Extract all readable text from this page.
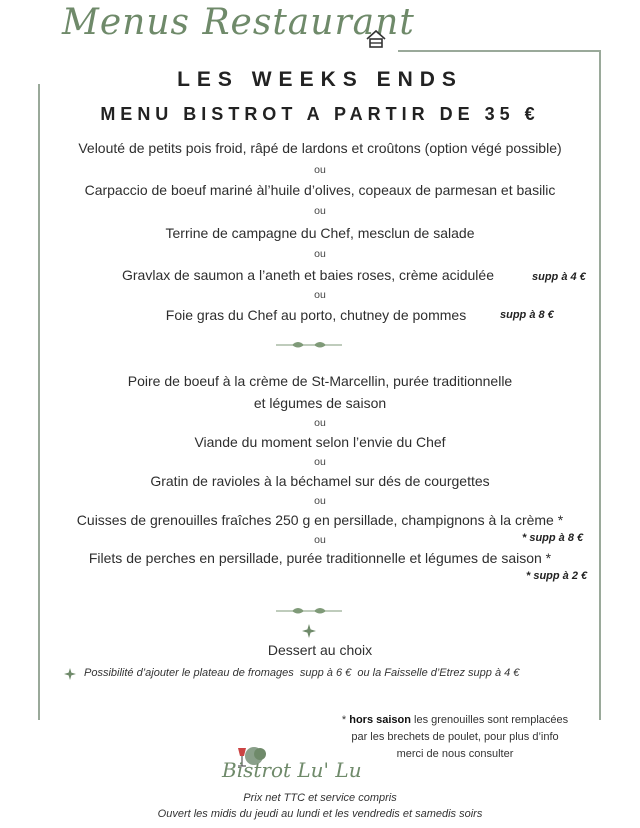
Menus Restaurant
LES WEEKS ENDS
MENU BISTROT A PARTIR DE 35 €
Velouté de petits pois froid, râpé de lardons et croûtons (option végé possible)
ou
Carpaccio de boeuf mariné àl’huile d’olives, copeaux de parmesan et basilic
ou
Terrine de campagne du Chef, mesclun de salade
ou
Gravlax de saumon a l’aneth et baies roses, crème acidulée	supp à 4 €
ou
Foie gras du Chef au porto, chutney de pommes	supp à 8 €
Poire de boeuf à la crème de St-Marcellin, purée traditionnelle
et légumes de saison
ou
Viande du moment selon l’envie du Chef
ou
Gratin de ravioles à la béchamel sur dés de courgettes
ou
Cuisses de grenouilles fraîches 250 g en persillade, champignons à la crème *
ou	* supp à 8 €
Filets de perches en persillade, purée traditionnelle et légumes de saison *
* supp à 2 €
Dessert au choix
Possibilité d’ajouter le plateau de fromages supp à 6 € ou la Faisselle d’Etrez supp à 4 €
* hors saison les grenouilles sont remplacées
par les brechets de poulet, pour plus d’info
merci de nous consulter
Bistrot Lu' Lu
Prix net TTC et service compris
Ouvert les midis du jeudi au lundi et les vendredis et samedis soirs
